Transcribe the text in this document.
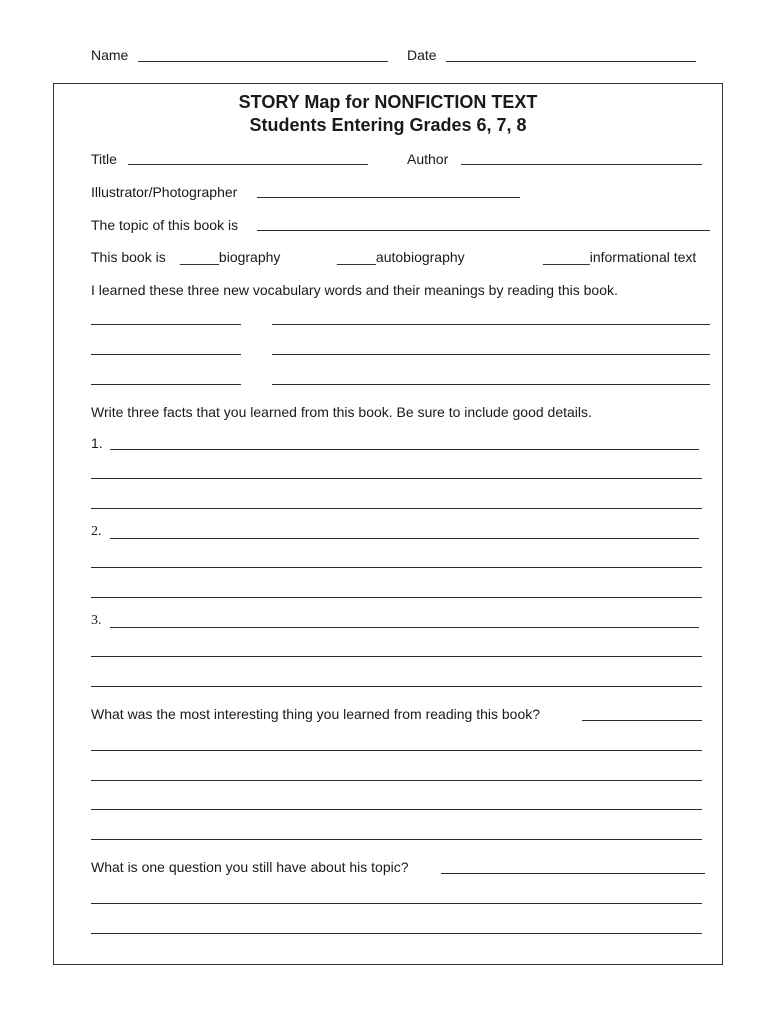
Name	Date
STORY Map for NONFICTION TEXT
Students Entering Grades 6, 7, 8
Title	Author
Illustrator/Photographer
The topic of this book is
This book is _____biography	_____autobiography	______informational text
I learned these three new vocabulary words and their meanings by reading this book.
Write three facts that you learned from this book. Be sure to include good details.
1.
2.
3.
What was the most interesting thing you learned from reading this book?
What is one question you still have about his topic?
